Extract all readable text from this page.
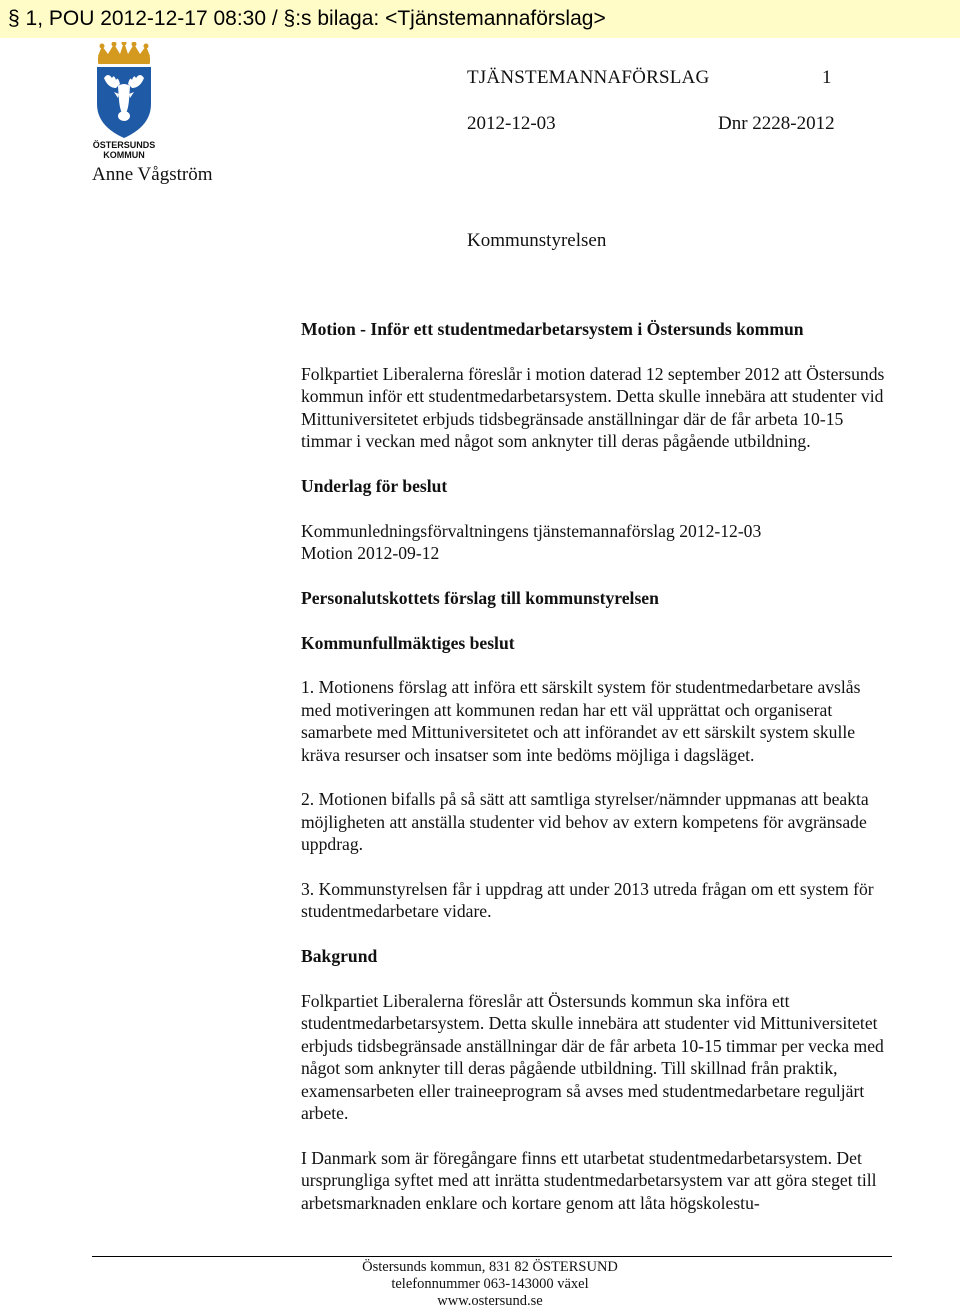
§ 1, POU 2012-12-17 08:30 / §:s bilaga: <Tjänstemannaförslag>
ÖSTERSUNDS
KOMMUN
TJÄNSTEMANNAFÖRSLAG	1
2012-12-03	Dnr 2228-2012
Anne Vågström
Kommunstyrelsen

Motion - Inför ett studentmedarbetarsystem i Östersunds kommun

Folkpartiet Liberalerna föreslår i motion daterad 12 september 2012 att Östersunds kommun inför ett studentmedarbetarsystem. Detta skulle innebära att studenter vid Mittuniversitetet erbjuds tidsbegränsade anställningar där de får arbeta 10-15 timmar i veckan med något som anknyter till deras pågående utbildning.

Underlag för beslut

Kommunledningsförvaltningens tjänstemannaförslag 2012-12-03

Motion 2012-09-12

Personalutskottets förslag till kommunstyrelsen

Kommunfullmäktiges beslut

1. Motionens förslag att införa ett särskilt system för studentmedarbetare avslås med motiveringen att kommunen redan har ett väl upprättat och organiserat samarbete med Mittuniversitetet och att införandet av ett särskilt system skulle kräva resurser och insatser som inte bedöms möjliga i dagsläget.

2. Motionen bifalls på så sätt att samtliga styrelser/nämnder uppmanas att beakta möjligheten att anställa studenter vid behov av extern kompetens för avgränsade uppdrag.

3. Kommunstyrelsen får i uppdrag att under 2013 utreda frågan om ett system för studentmedarbetare vidare.

Bakgrund

Folkpartiet Liberalerna föreslår att Östersunds kommun ska införa ett studentmedarbetarsystem. Detta skulle innebära att studenter vid Mittuniversitetet erbjuds tidsbegränsade anställningar där de får arbeta 10-15 timmar per vecka med något som anknyter till deras pågående utbildning. Till skillnad från praktik, examensarbeten eller traineeprogram så avses med studentmedarbetare reguljärt arbete.

I Danmark som är föregångare finns ett utarbetat studentmedarbetarsystem. Det ursprungliga syftet med att inrätta studentmedarbetarsystem var att göra steget till arbetsmarknaden enklare och kortare genom att låta högskolestu-

Östersunds kommun, 831 82 ÖSTERSUND
telefonnummer 063-143000 växel
www.ostersund.se
